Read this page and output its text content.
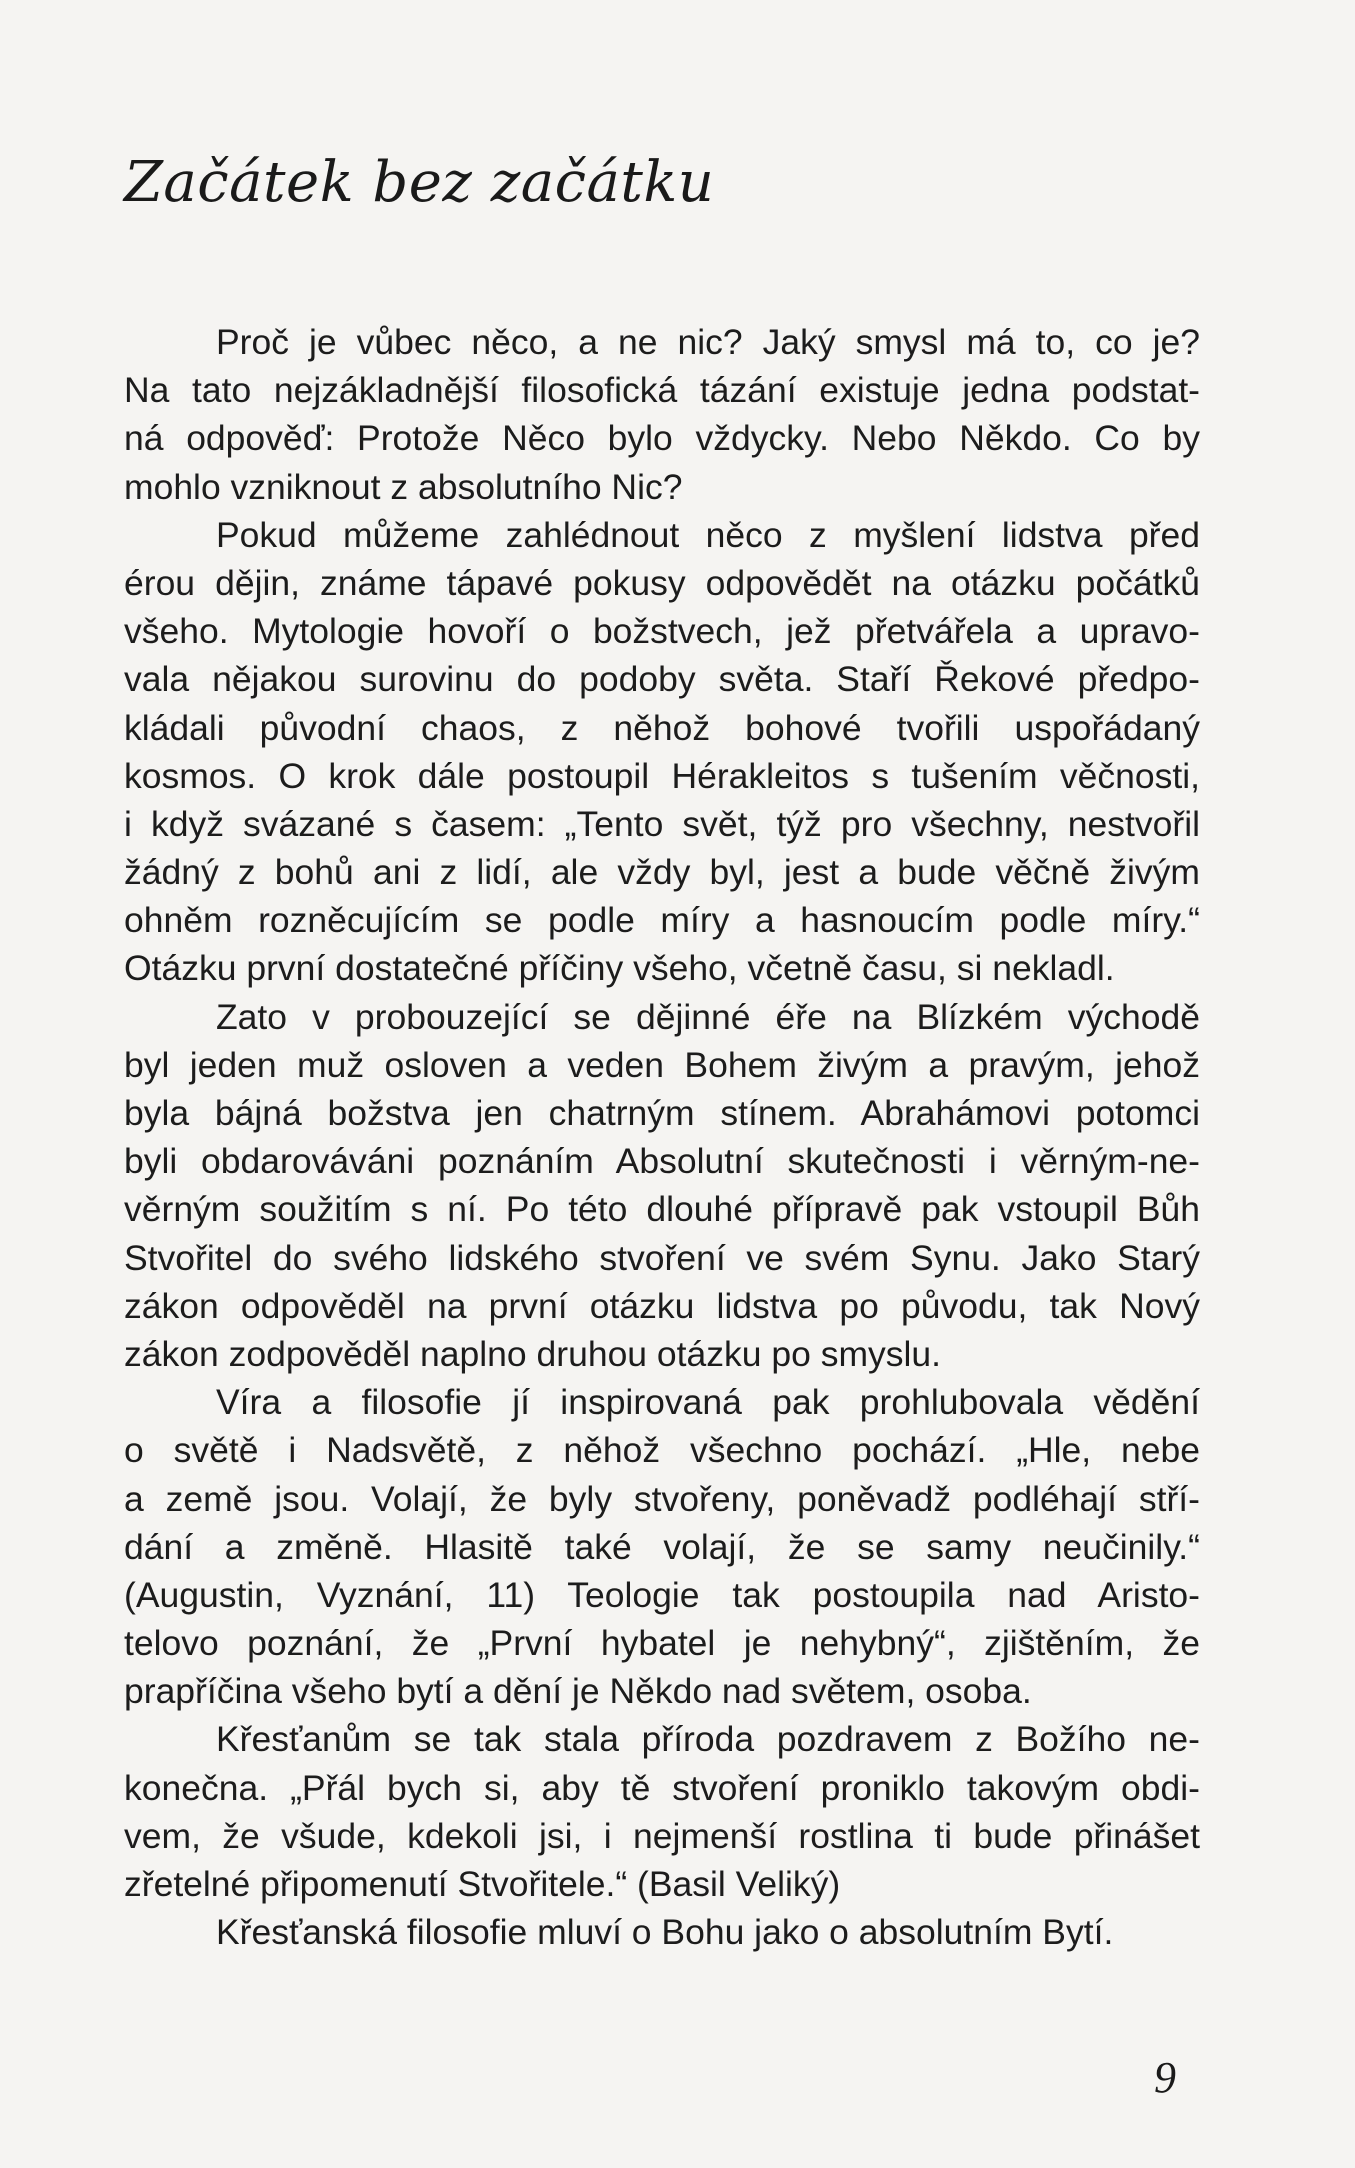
Začátek bez začátku
Proč je vůbec něco, a ne nic? Jaký smysl má to, co je?
Na tato nejzákladnější filosofická tázání existuje jedna podstat-
ná odpověď: Protože Něco bylo vždycky. Nebo Někdo. Co by
mohlo vzniknout z absolutního Nic?
Pokud můžeme zahlédnout něco z myšlení lidstva před
érou dějin, známe tápavé pokusy odpovědět na otázku počátků
všeho. Mytologie hovoří o božstvech, jež přetvářela a upravo-
vala nějakou surovinu do podoby světa. Staří Řekové předpo-
kládali původní chaos, z něhož bohové tvořili uspořádaný
kosmos. O krok dále postoupil Hérakleitos s tušením věčnosti,
i když svázané s časem: „Tento svět, týž pro všechny, nestvořil
žádný z bohů ani z lidí, ale vždy byl, jest a bude věčně živým
ohněm rozněcujícím se podle míry a hasnoucím podle míry.“
Otázku první dostatečné příčiny všeho, včetně času, si nekladl.
Zato v probouzející se dějinné éře na Blízkém východě
byl jeden muž osloven a veden Bohem živým a pravým, jehož
byla bájná božstva jen chatrným stínem. Abrahámovi potomci
byli obdarováváni poznáním Absolutní skutečnosti i věrným-ne-
věrným soužitím s ní. Po této dlouhé přípravě pak vstoupil Bůh
Stvořitel do svého lidského stvoření ve svém Synu. Jako Starý
zákon odpověděl na první otázku lidstva po původu, tak Nový
zákon zodpověděl naplno druhou otázku po smyslu.
Víra a filosofie jí inspirovaná pak prohlubovala vědění
o světě i Nadsvětě, z něhož všechno pochází. „Hle, nebe
a země jsou. Volají, že byly stvořeny, poněvadž podléhají stří-
dání a změně. Hlasitě také volají, že se samy neučinily.“
(Augustin, Vyznání, 11) Teologie tak postoupila nad Aristo-
telovo poznání, že „První hybatel je nehybný“, zjištěním, že
prapříčina všeho bytí a dění je Někdo nad světem, osoba.
Křesťanům se tak stala příroda pozdravem z Božího ne-
konečna. „Přál bych si, aby tě stvoření proniklo takovým obdi-
vem, že všude, kdekoli jsi, i nejmenší rostlina ti bude přinášet
zřetelné připomenutí Stvořitele.“ (Basil Veliký)
Křesťanská filosofie mluví o Bohu jako o absolutním Bytí.
9
